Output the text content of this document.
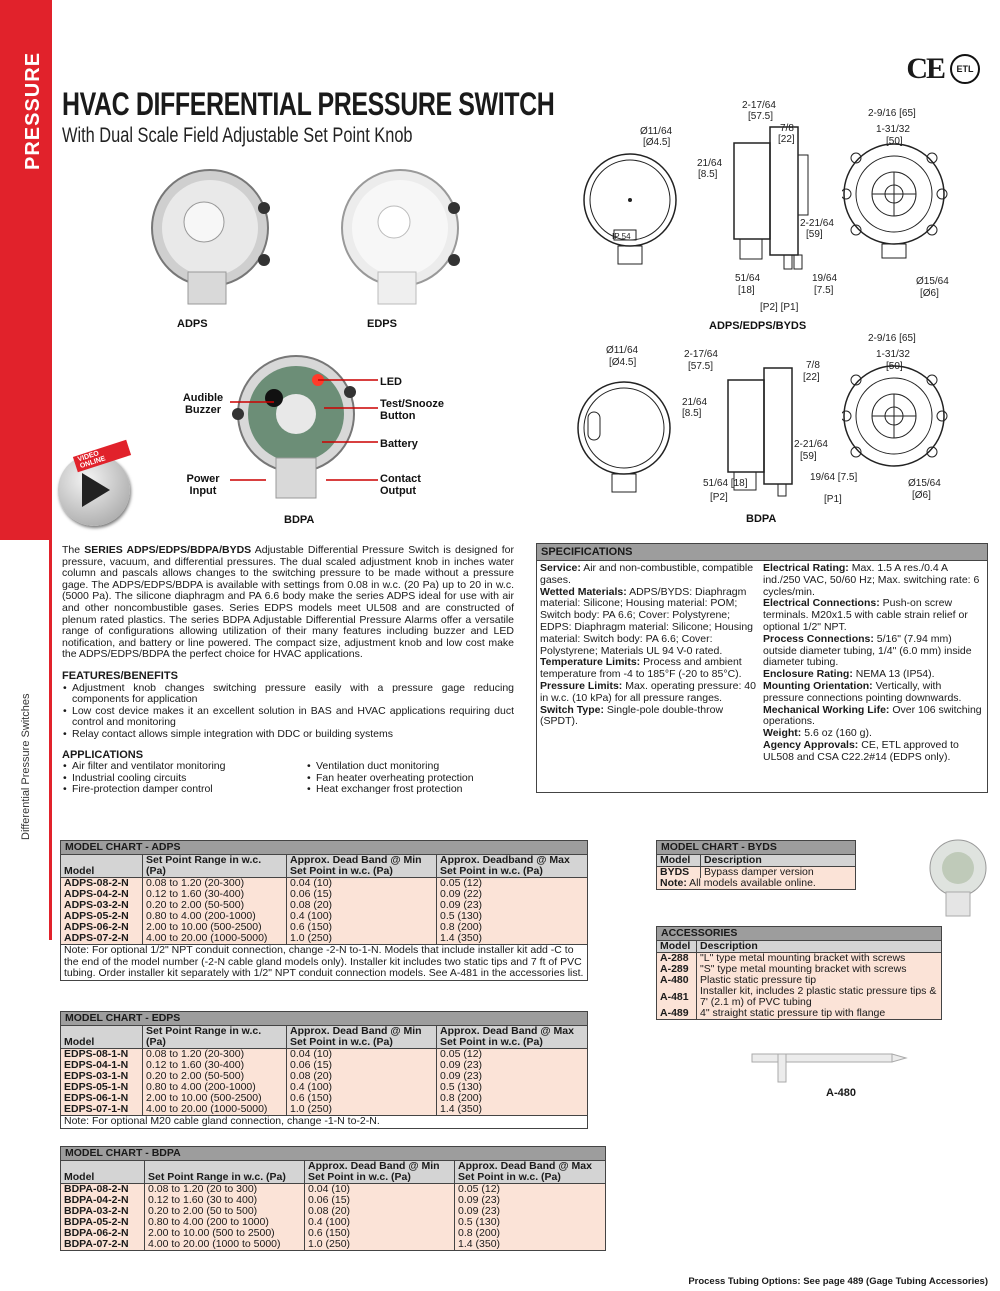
PRESSURE
Differential Pressure Switches
CE	ETL
HVAC DIFFERENTIAL PRESSURE SWITCH
With Dual Scale Field Adjustable Set Point Knob
ADPS	EDPS
BDPA
Audible Buzzer
Power Input
LED
Test/Snooze Button
Battery
Contact Output
VIDEO ONLINE
IP 54
Ø11/64
[Ø4.5]
2-17/64
[57.5]
7/8
[22]
21/64
[8.5]
2-21/64
[59]
51/64
[18]
19/64
[7.5]
[P2] [P1]
2-9/16 [65]
1-31/32
[50]
Ø15/64
[Ø6]
ADPS/EDPS/BYDS
Ø11/64
[Ø4.5]
2-17/64
[57.5]	7/8
[22]
21/64
[8.5]
2-21/64
[59]
51/64 [18]
19/64 [7.5]
[P2]	[P1]
2-9/16 [65]
1-31/32
[50]
Ø15/64
[Ø6]
BDPA

The SERIES ADPS/EDPS/BDPA/BYDS Adjustable Differential Pressure Switch is designed for pressure, vacuum, and differential pressures. The dual scaled adjustment knob in inches water column and pascals allows changes to the switching pressure to be made without a pressure gage. The ADPS/EDPS/BDPA is available with settings from 0.08 in w.c. (20 Pa) up to 20 in w.c. (5000 Pa). The silicone diaphragm and PA 6.6 body make the series ADPS ideal for use with air and other noncombustible gases. Series EDPS models meet UL508 and are constructed of plenum rated plastics. The series BDPA Adjustable Differential Pressure Alarms offer a versatile range of configurations allowing utilization of their many features including buzzer and LED notification, and battery or line powered. The compact size, adjustment knob and low cost make the ADPS/EDPS/BDPA the perfect choice for HVAC applications.

FEATURES/BENEFITS
• Adjustment knob changes switching pressure easily with a pressure gage reducing components for application
• Low cost device makes it an excellent solution in BAS and HVAC applications requiring duct control and monitoring
• Relay contact allows simple integration with DDC or building systems
APPLICATIONS
• Air filter and ventilator monitoring	• Ventilation duct monitoring
• Industrial cooling circuits	• Fan heater overheating protection
• Fire-protection damper control	• Heat exchanger frost protection
SPECIFICATIONS

Service: Air and non-combustible, compatible gases.

Wetted Materials: ADPS/BYDS: Diaphragm material: Silicone; Housing material: POM; Switch body: PA 6.6; Cover: Polystyrene; EDPS: Diaphragm material: Silicone; Housing material: Switch body: PA 6.6; Cover: Polystyrene; Materials UL 94 V-0 rated.

Temperature Limits: Process and ambient temperature from -4 to 185°F (-20 to 85°C).

Pressure Limits: Max. operating pressure: 40 in w.c. (10 kPa) for all pressure ranges.

Switch Type: Single-pole double-throw (SPDT).

Electrical Rating: Max. 1.5 A res./0.4 A ind./250 VAC, 50/60 Hz; Max. switching rate: 6 cycles/min.

Electrical Connections: Push-on screw terminals. M20x1.5 with cable strain relief or optional 1/2" NPT.

Process Connections: 5/16" (7.94 mm) outside diameter tubing, 1/4" (6.0 mm) inside diameter tubing.

Enclosure Rating: NEMA 13 (IP54).

Mounting Orientation: Vertically, with pressure connections pointing downwards.

Mechanical Working Life: Over 106 switching operations.

Weight: 5.6 oz (160 g).

Agency Approvals: CE, ETL approved to UL508 and CSA C22.2#14 (EDPS only).

MODEL CHART - ADPS			
Model	Set Point Range in w.c. (Pa)	Approx. Dead Band @ Min Set Point in w.c. (Pa)	Approx. Deadband @ Max Set Point in w.c. (Pa)
ADPS-08-2-N	0.08 to 1.20 (20-300)	0.04 (10)	0.05 (12)
ADPS-04-2-N	0.12 to 1.60 (30-400)	0.06 (15)	0.09 (22)
ADPS-03-2-N	0.20 to 2.00 (50-500)	0.08 (20)	0.09 (23)
ADPS-05-2-N	0.80 to 4.00 (200-1000)	0.4 (100)	0.5 (130)
ADPS-06-2-N	2.00 to 10.00 (500-2500)	0.6 (150)	0.8 (200)
ADPS-07-2-N	4.00 to 20.00 (1000-5000)	1.0 (250)	1.4 (350)
Note: For optional 1/2" NPT conduit connection, change -2-N to-1-N. Models that include installer kit add -C to the end of the model number (-2-N cable gland models only). Installer kit includes two static tips and 7 ft of PVC tubing. Order installer kit separately with 1/2" NPT conduit connection models. See A-481 in the accessories list.			
MODEL CHART - EDPS			
Model	Set Point Range in w.c. (Pa)	Approx. Dead Band @ Min Set Point in w.c. (Pa)	Approx. Dead Band @ Max Set Point in w.c. (Pa)
EDPS-08-1-N	0.08 to 1.20 (20-300)	0.04 (10)	0.05 (12)
EDPS-04-1-N	0.12 to 1.60 (30-400)	0.06 (15)	0.09 (23)
EDPS-03-1-N	0.20 to 2.00 (50-500)	0.08 (20)	0.09 (23)
EDPS-05-1-N	0.80 to 4.00 (200-1000)	0.4 (100)	0.5 (130)
EDPS-06-1-N	2.00 to 10.00 (500-2500)	0.6 (150)	0.8 (200)
EDPS-07-1-N	4.00 to 20.00 (1000-5000)	1.0 (250)	1.4 (350)
Note: For optional M20 cable gland connection, change -1-N to-2-N.			
MODEL CHART - BDPA			
Model	Set Point Range in w.c. (Pa)	Approx. Dead Band @ Min Set Point in w.c. (Pa)	Approx. Dead Band @ Max Set Point in w.c. (Pa)
BDPA-08-2-N	0.08 to 1.20 (20 to 300)	0.04 (10)	0.05 (12)
BDPA-04-2-N	0.12 to 1.60 (30 to 400)	0.06 (15)	0.09 (23)
BDPA-03-2-N	0.20 to 2.00 (50 to 500)	0.08 (20)	0.09 (23)
BDPA-05-2-N	0.80 to 4.00 (200 to 1000)	0.4 (100)	0.5 (130)
BDPA-06-2-N	2.00 to 10.00 (500 to 2500)	0.6 (150)	0.8 (200)
BDPA-07-2-N	4.00 to 20.00 (1000 to 5000)	1.0 (250)	1.4 (350)
MODEL CHART - BYDS	
Model	Description
BYDS	Bypass damper version
Note: All models available online.	
ACCESSORIES	
Model	Description
A-288	"L" type metal mounting bracket with screws
A-289	"S" type metal mounting bracket with screws
A-480	Plastic static pressure tip
A-481	Installer kit, includes 2 plastic static pressure tips & 7' (2.1 m) of PVC tubing
A-489	4" straight static pressure tip with flange
A-480
Process Tubing Options: See page 489 (Gage Tubing Accessories)
